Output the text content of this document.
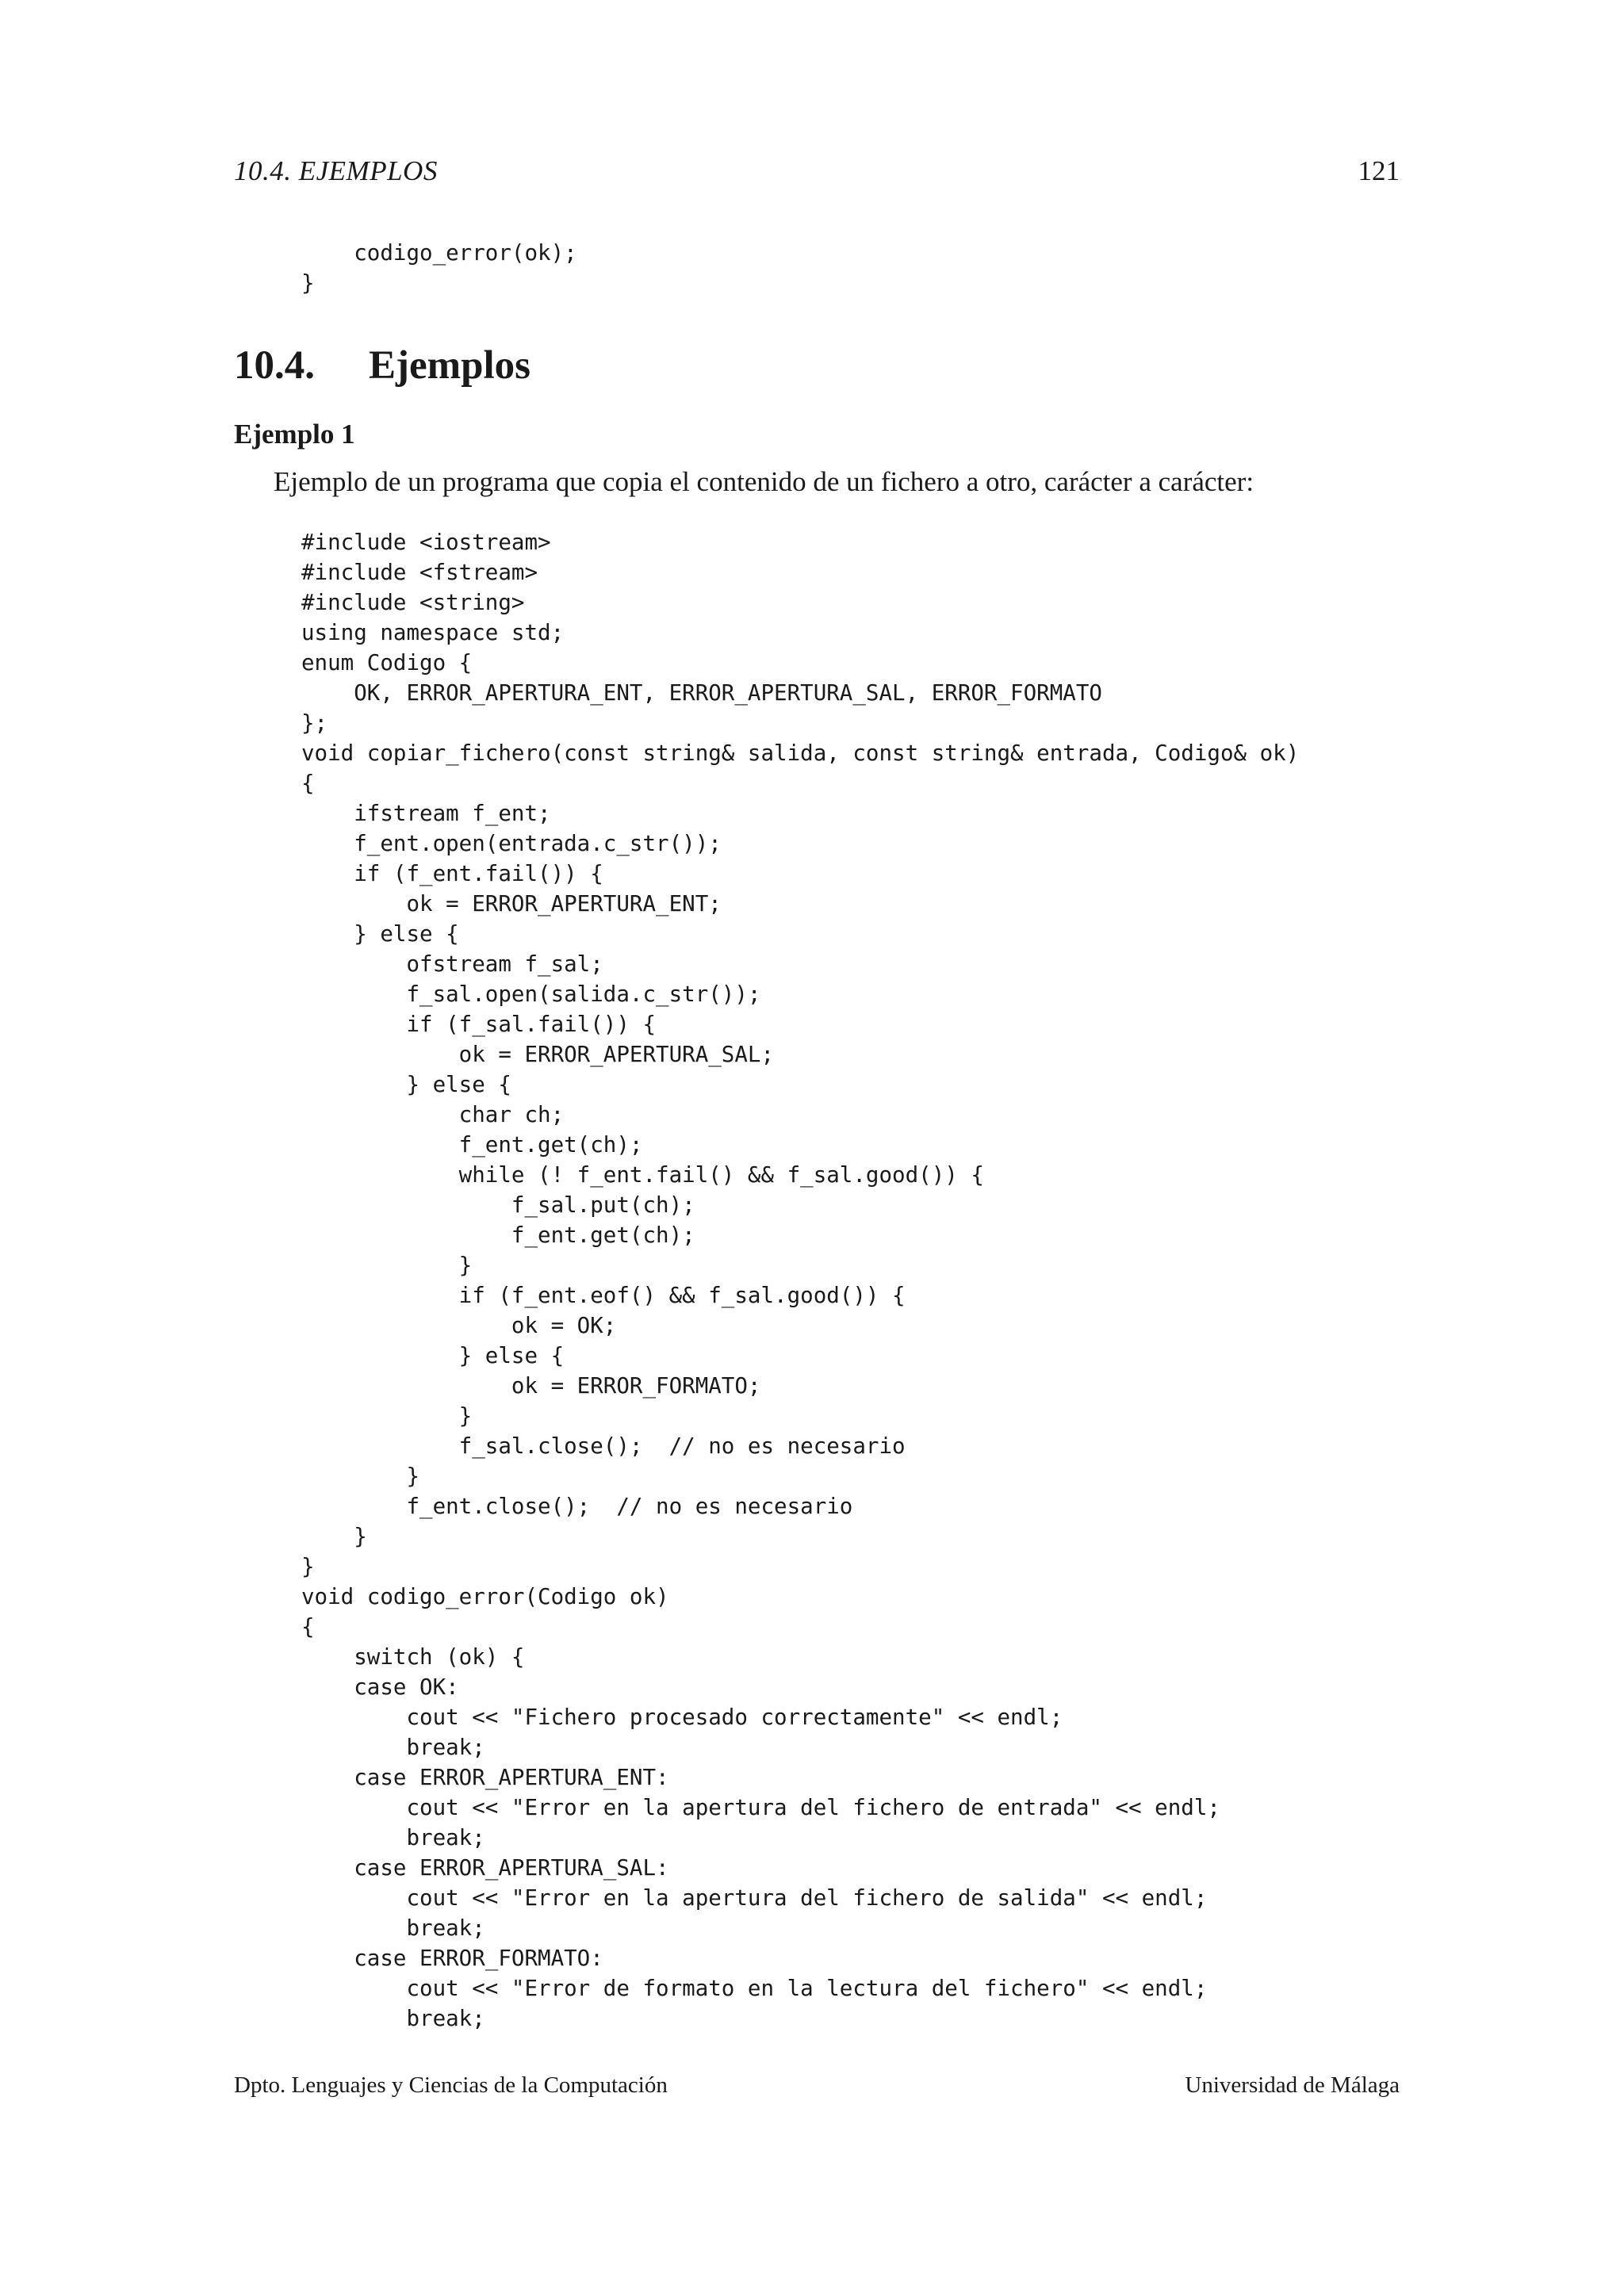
10.4. EJEMPLOS	121
codigo_error(ok);
}
10.4. Ejemplos
Ejemplo 1
Ejemplo de un programa que copia el contenido de un fichero a otro, carácter a carácter:
#include <iostream>
#include <fstream>
#include <string>
using namespace std;
enum Codigo {
OK, ERROR_APERTURA_ENT, ERROR_APERTURA_SAL, ERROR_FORMATO
};
void copiar_fichero(const string& salida, const string& entrada, Codigo& ok)
{
ifstream f_ent;
f_ent.open(entrada.c_str());
if (f_ent.fail()) {
ok = ERROR_APERTURA_ENT;
} else {
ofstream f_sal;
f_sal.open(salida.c_str());
if (f_sal.fail()) {
ok = ERROR_APERTURA_SAL;
} else {
char ch;
f_ent.get(ch);
while (! f_ent.fail() && f_sal.good()) {
f_sal.put(ch);
f_ent.get(ch);
}
if (f_ent.eof() && f_sal.good()) {
ok = OK;
} else {
ok = ERROR_FORMATO;
}
f_sal.close();  // no es necesario
}
f_ent.close();  // no es necesario
}
}
void codigo_error(Codigo ok)
{
switch (ok) {
case OK:
cout << "Fichero procesado correctamente" << endl;
break;
case ERROR_APERTURA_ENT:
cout << "Error en la apertura del fichero de entrada" << endl;
break;
case ERROR_APERTURA_SAL:
cout << "Error en la apertura del fichero de salida" << endl;
break;
case ERROR_FORMATO:
cout << "Error de formato en la lectura del fichero" << endl;
break;
Dpto. Lenguajes y Ciencias de la Computación	Universidad de Málaga
